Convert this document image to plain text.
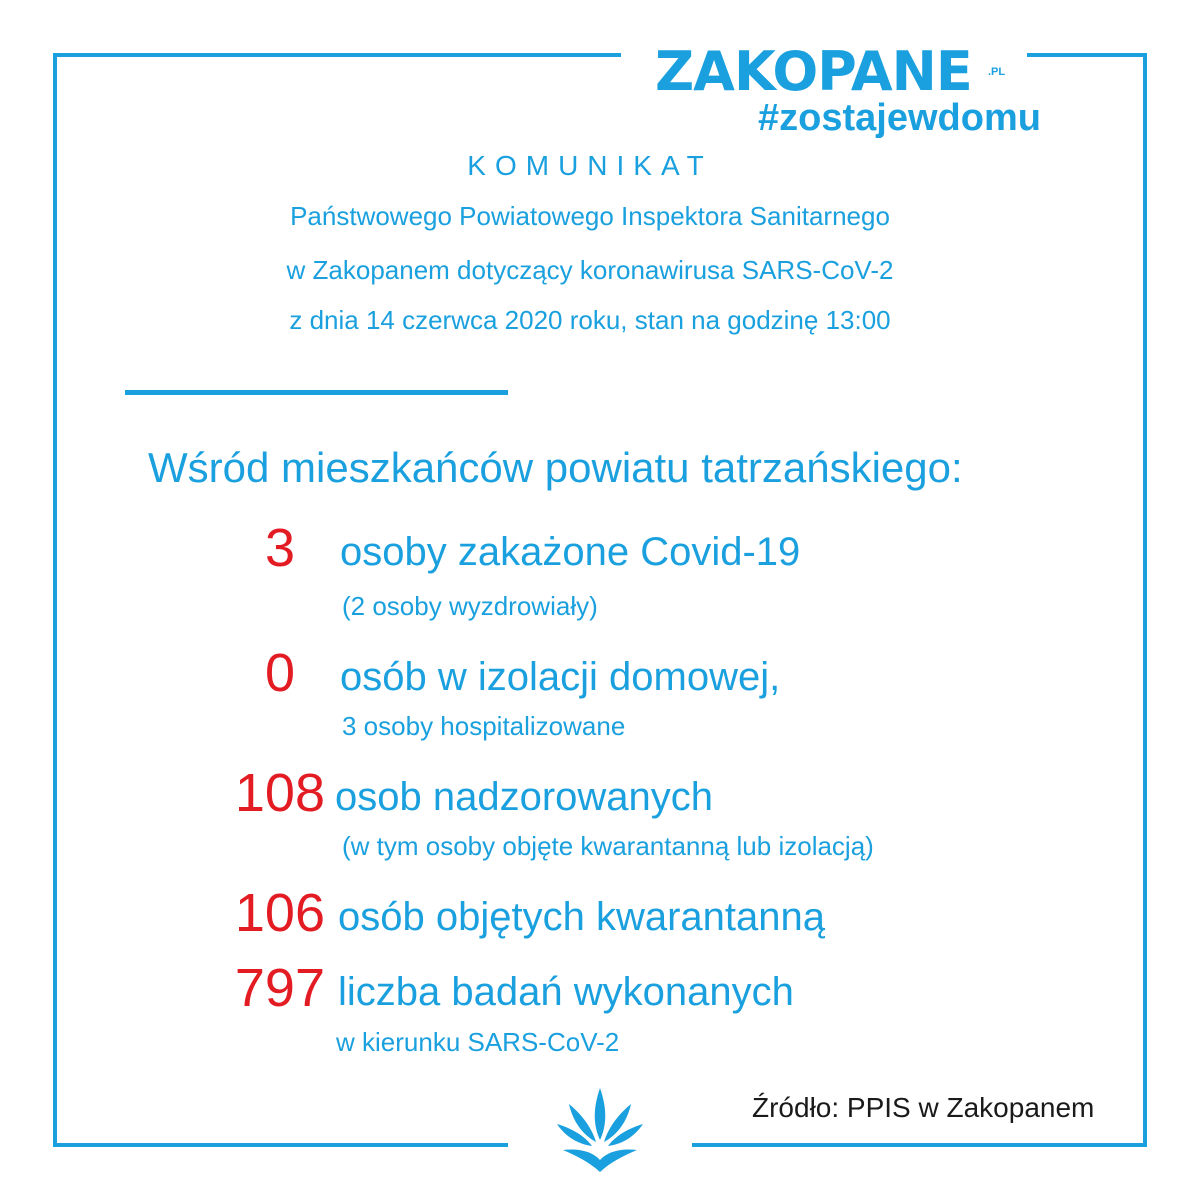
ZAKOPANE	.PL
#zostajewdomu
KOMUNIKAT
Państwowego Powiatowego Inspektora Sanitarnego
w Zakopanem dotyczący koronawirusa SARS-CoV-2
z dnia 14 czerwca 2020 roku, stan na godzinę 13:00
Wśród mieszkańców powiatu tatrzańskiego:
3 osoby zakażone Covid-19
(2 osoby wyzdrowiały)
0 osób w izolacji domowej,
3 osoby hospitalizowane
108 osob nadzorowanych
(w tym osoby objęte kwarantanną lub izolacją)
106 osób objętych kwarantanną
797 liczba badań wykonanych
w kierunku SARS-CoV-2
Źródło: PPIS w Zakopanem
